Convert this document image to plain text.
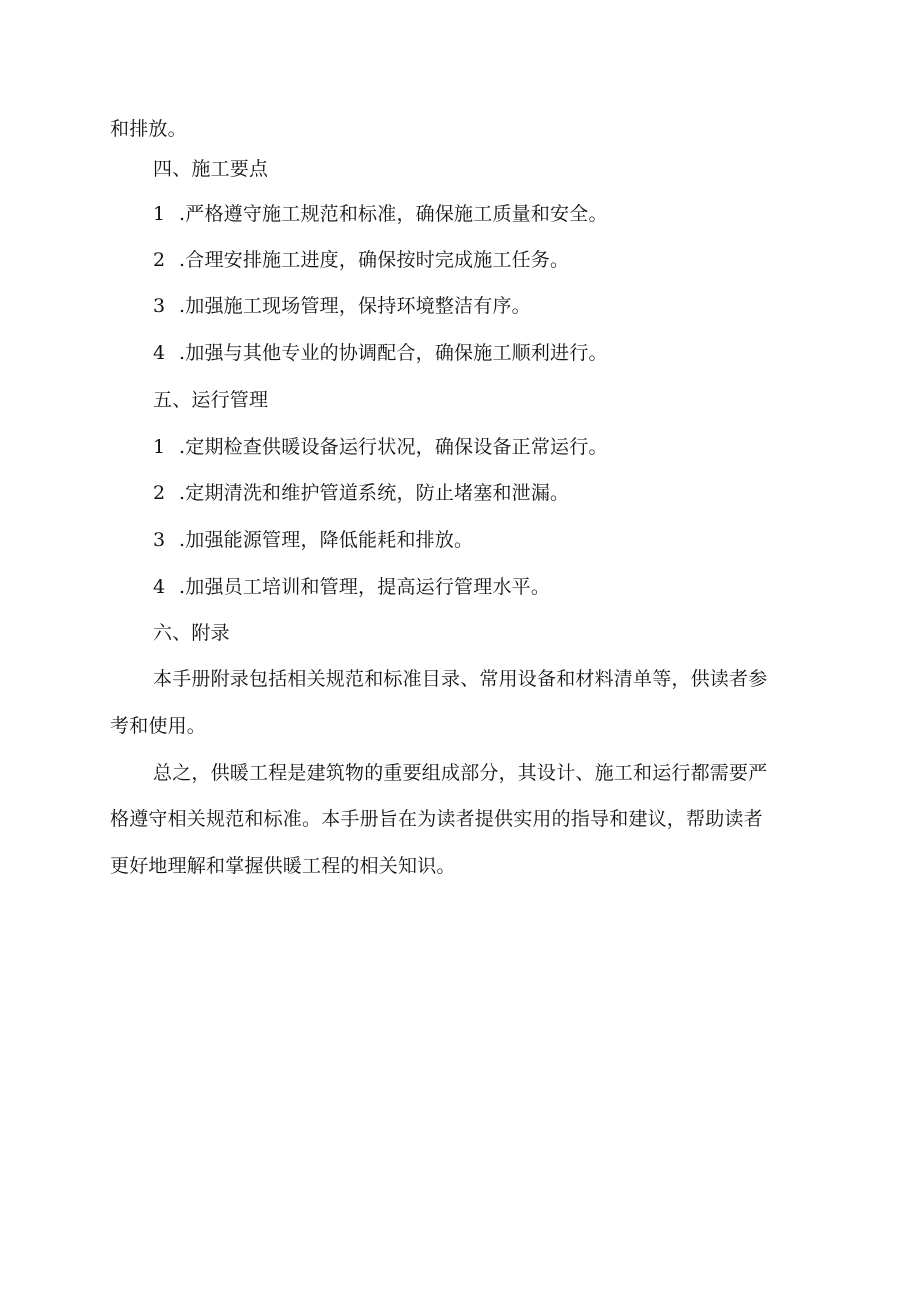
和排放。
四、施工要点
1 .严格遵守施工规范和标准，确保施工质量和安全。
2 .合理安排施工进度，确保按时完成施工任务。
3 .加强施工现场管理，保持环境整洁有序。
4 .加强与其他专业的协调配合，确保施工顺利进行。
五、运行管理
1 .定期检查供暖设备运行状况，确保设备正常运行。
2 .定期清洗和维护管道系统，防止堵塞和泄漏。
3 .加强能源管理，降低能耗和排放。
4 .加强员工培训和管理，提高运行管理水平。
六、附录
本手册附录包括相关规范和标准目录、常用设备和材料清单等，供读者参
考和使用。
总之，供暖工程是建筑物的重要组成部分，其设计、施工和运行都需要严
格遵守相关规范和标准。本手册旨在为读者提供实用的指导和建议，帮助读者
更好地理解和掌握供暖工程的相关知识。
